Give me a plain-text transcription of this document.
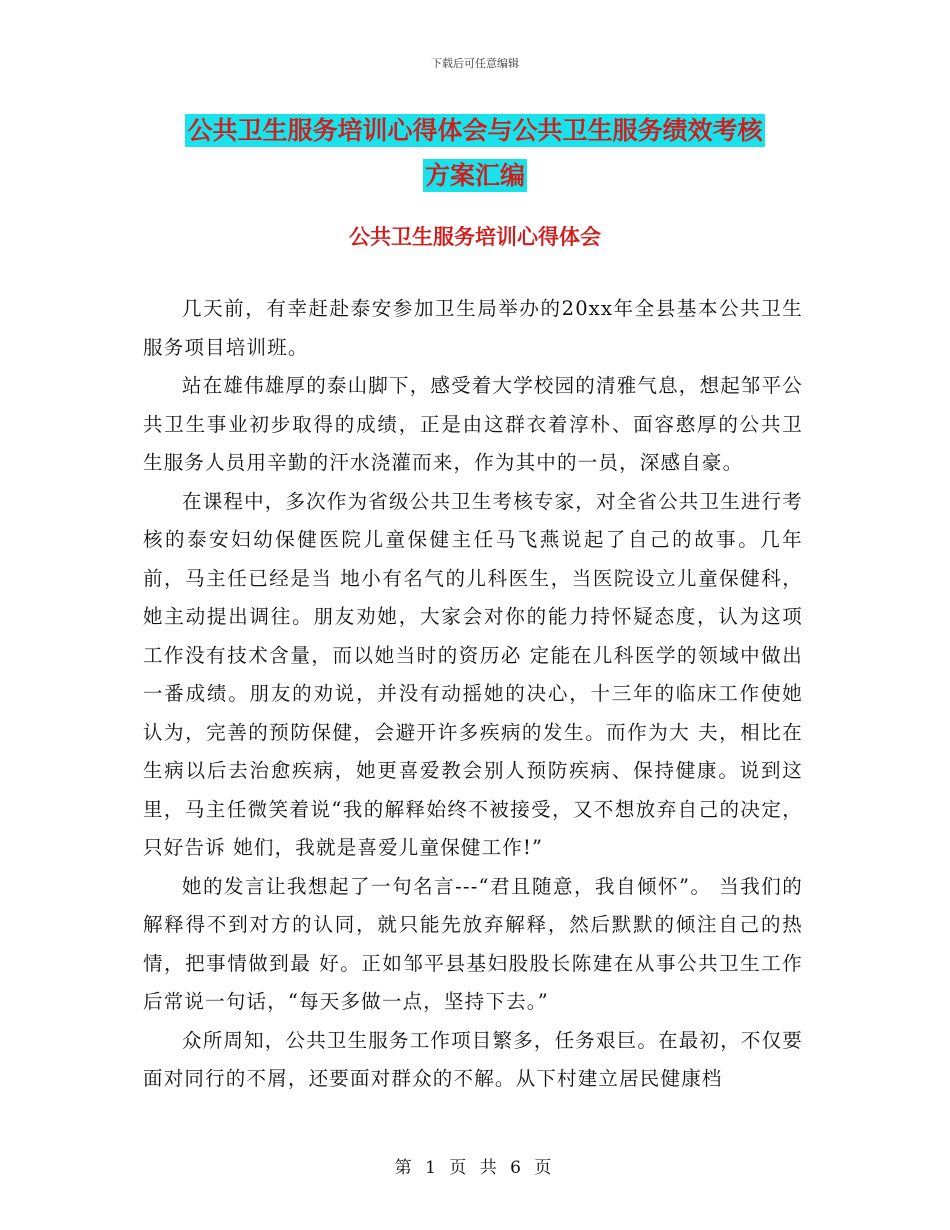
下载后可任意编辑
公共卫生服务培训心得体会与公共卫生服务绩效考核
方案汇编
公共卫生服务培训心得体会

几天前，有幸赶赴泰安参加卫生局举办的20xx年全县基本公共卫生服务项目培训班。

站在雄伟雄厚的泰山脚下，感受着大学校园的清雅气息，想起邹平公共卫生事业初步取得的成绩，正是由这群衣着淳朴、面容憨厚的公共卫生服务人员用辛勤的汗水浇灌而来，作为其中的一员，深感自豪。

在课程中，多次作为省级公共卫生考核专家，对全省公共卫生进行考核的泰安妇幼保健医院儿童保健主任马飞燕说起了自己的故事。几年前，马主任已经是当 地小有名气的儿科医生，当医院设立儿童保健科，她主动提出调往。朋友劝她，大家会对你的能力持怀疑态度，认为这项工作没有技术含量，而以她当时的资历必 定能在儿科医学的领域中做出一番成绩。朋友的劝说，并没有动摇她的决心，十三年的临床工作使她认为，完善的预防保健，会避开许多疾病的发生。而作为大 夫，相比在生病以后去治愈疾病，她更喜爱教会别人预防疾病、保持健康。说到这里，马主任微笑着说“我的解释始终不被接受，又不想放弃自己的决定，只好告诉 她们，我就是喜爱儿童保健工作!”

她的发言让我想起了一句名言---“君且随意，我自倾怀”。 当我们的解释得不到对方的认同，就只能先放弃解释，然后默默的倾注自己的热情，把事情做到最 好。正如邹平县基妇股股长陈建在从事公共卫生工作后常说一句话，“每天多做一点，坚持下去。”

众所周知，公共卫生服务工作项目繁多，任务艰巨。在最初，不仅要面对同行的不屑，还要面对群众的不解。从下村建立居民健康档

第 1 页 共 6 页
